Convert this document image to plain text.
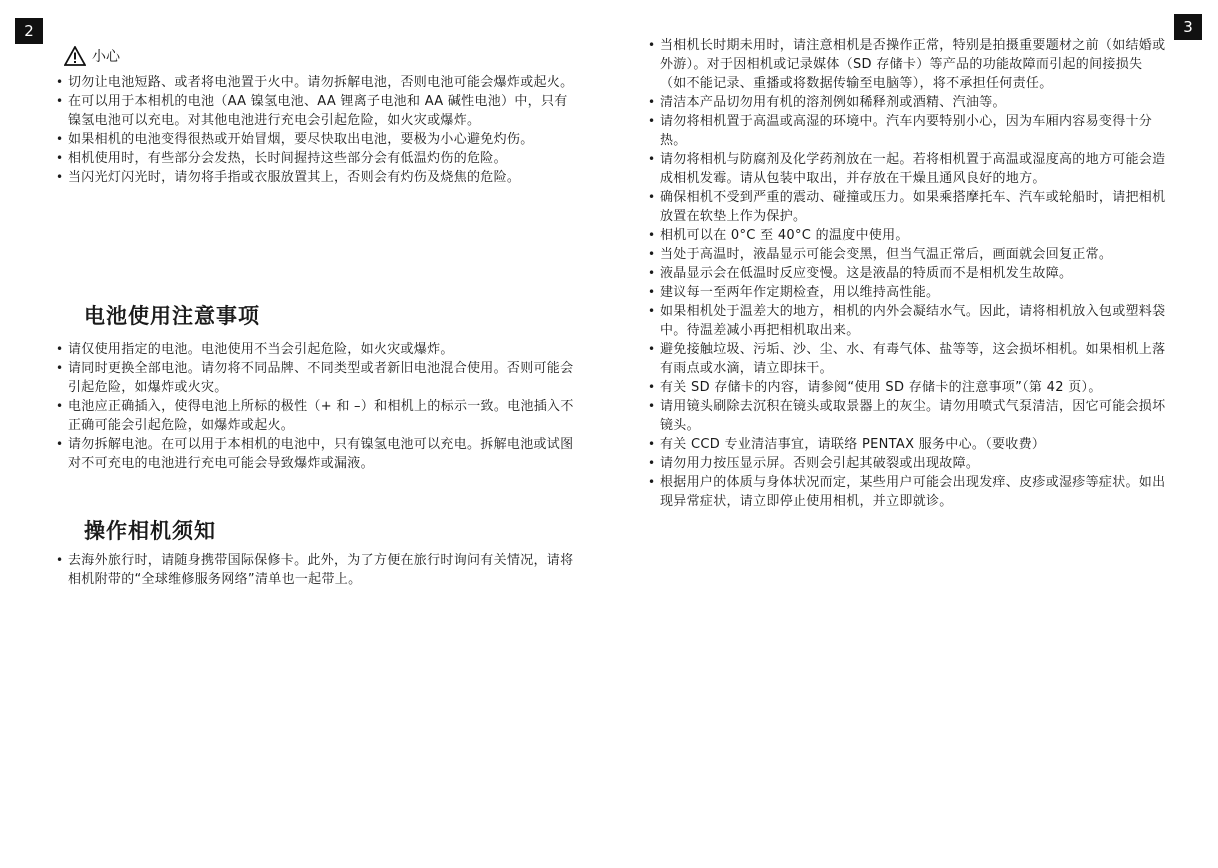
2	3
小心
• 切勿让电池短路、或者将电池置于火中。请勿拆解电池，否则电池可能会爆炸或起火。
• 在可以用于本相机的电池（AA 镍氢电池、AA 锂离子电池和 AA 碱性电池）中，只有镍氢电池可以充电。对其他电池进行充电会引起危险，如火灾或爆炸。
• 如果相机的电池变得很热或开始冒烟，要尽快取出电池，要极为小心避免灼伤。
• 相机使用时，有些部分会发热，长时间握持这些部分会有低温灼伤的危险。
• 当闪光灯闪光时，请勿将手指或衣服放置其上，否则会有灼伤及烧焦的危险。
电池使用注意事项
• 请仅使用指定的电池。电池使用不当会引起危险，如火灾或爆炸。
• 请同时更换全部电池。请勿将不同品牌、不同类型或者新旧电池混合使用。否则可能会引起危险，如爆炸或火灾。
• 电池应正确插入，使得电池上所标的极性（+ 和 –）和相机上的标示一致。电池插入不正确可能会引起危险，如爆炸或起火。
• 请勿拆解电池。在可以用于本相机的电池中，只有镍氢电池可以充电。拆解电池或试图对不可充电的电池进行充电可能会导致爆炸或漏液。
操作相机须知
• 去海外旅行时，请随身携带国际保修卡。此外，为了方便在旅行时询问有关情况，请将相机附带的“全球维修服务网络”清单也一起带上。
• 当相机长时期未用时，请注意相机是否操作正常，特别是拍摄重要题材之前（如结婚或外游）。对于因相机或记录媒体（SD 存储卡）等产品的功能故障而引起的间接损失（如不能记录、重播或将数据传输至电脑等），将不承担任何责任。
• 清洁本产品切勿用有机的溶剂例如稀释剂或酒精、汽油等。
• 请勿将相机置于高温或高湿的环境中。汽车内要特别小心，因为车厢内容易变得十分热。
• 请勿将相机与防腐剂及化学药剂放在一起。若将相机置于高温或湿度高的地方可能会造成相机发霉。请从包装中取出，并存放在干燥且通风良好的地方。
• 确保相机不受到严重的震动、碰撞或压力。如果乘搭摩托车、汽车或轮船时，请把相机放置在软垫上作为保护。
• 相机可以在 0°C 至 40°C 的温度中使用。
• 当处于高温时，液晶显示可能会变黑，但当气温正常后，画面就会回复正常。
• 液晶显示会在低温时反应变慢。这是液晶的特质而不是相机发生故障。
• 建议每一至两年作定期检查，用以维持高性能。
• 如果相机处于温差大的地方，相机的内外会凝结水气。因此，请将相机放入包或塑料袋中。待温差减小再把相机取出来。
• 避免接触垃圾、污垢、沙、尘、水、有毒气体、盐等等，这会损坏相机。如果相机上落有雨点或水滴，请立即抹干。
• 有关 SD 存储卡的内容，请参阅“使用 SD 存储卡的注意事项”（第 42 页）。
• 请用镜头刷除去沉积在镜头或取景器上的灰尘。请勿用喷式气泵清洁，因它可能会损坏镜头。
• 有关 CCD 专业清洁事宜，请联络 PENTAX 服务中心。（要收费）
• 请勿用力按压显示屏。否则会引起其破裂或出现故障。
• 根据用户的体质与身体状况而定，某些用户可能会出现发痒、皮疹或湿疹等症状。如出现异常症状，请立即停止使用相机，并立即就诊。
